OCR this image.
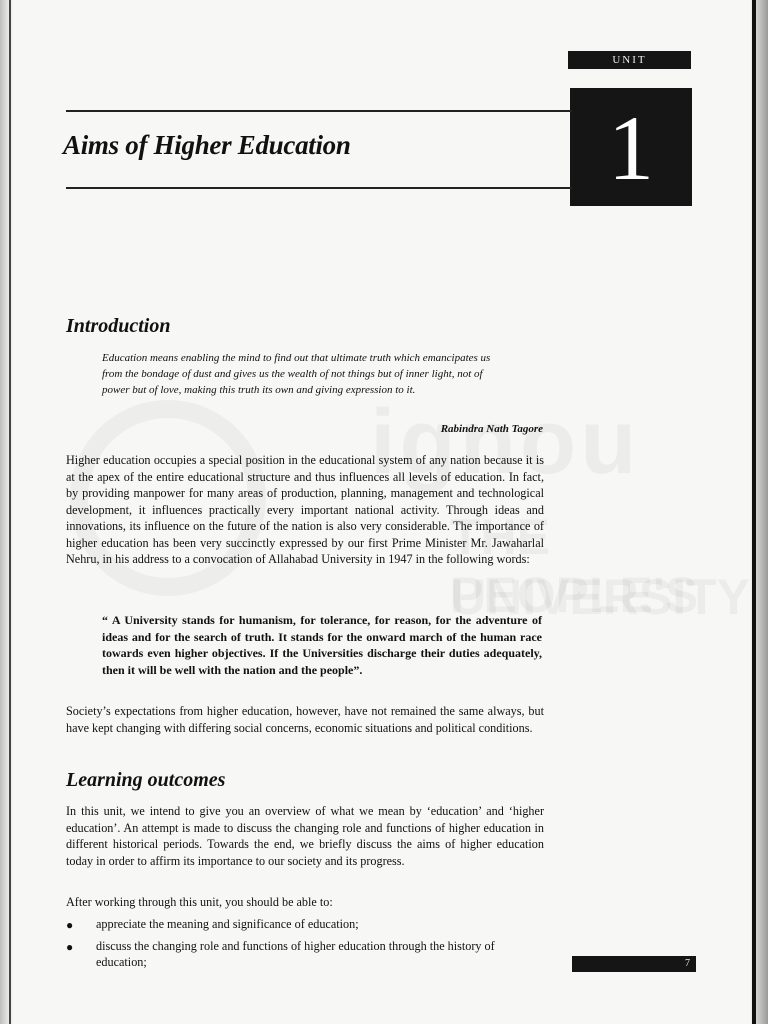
UNIT
1
Aims of Higher Education
Introduction
Education means enabling the mind to find out that ultimate truth which emancipates us from the bondage of dust and gives us the wealth of not things but of inner light, not of power but of love, making this truth its own and giving expression to it.
Rabindra Nath Tagore

Higher education occupies a special position in the educational system of any nation because it is at the apex of the entire educational structure and thus influences all levels of education. In fact, by providing manpower for many areas of production, planning, management and technological development, it influences practically every important national activity. Through ideas and innovations, its influence on the future of the nation is also very considerable. The importance of higher education has been very succinctly expressed by our first Prime Minister Mr. Jawaharlal Nehru, in his address to a convocation of Allahabad University in 1947 in the following words:

“ A University stands for humanism, for tolerance, for reason, for the adventure of ideas and for the search of truth. It stands for the onward march of the human race towards even higher objectives. If the Universities discharge their duties adequately, then it will be well with the nation and the people”.

Society’s expectations from higher education, however, have not remained the same always, but have kept changing with differing social concerns, economic situations and political conditions.

Learning outcomes

In this unit, we intend to give you an overview of what we mean by ‘education’ and ‘higher education’. An attempt is made to discuss the changing role and functions of higher education in different historical periods. Towards the end, we briefly discuss the aims of higher education today in order to affirm its importance to our society and its progress.

After working through this unit, you should be able to:

● appreciate the meaning and significance of education;
● discuss the changing role and functions of higher education through the history of education;	7
